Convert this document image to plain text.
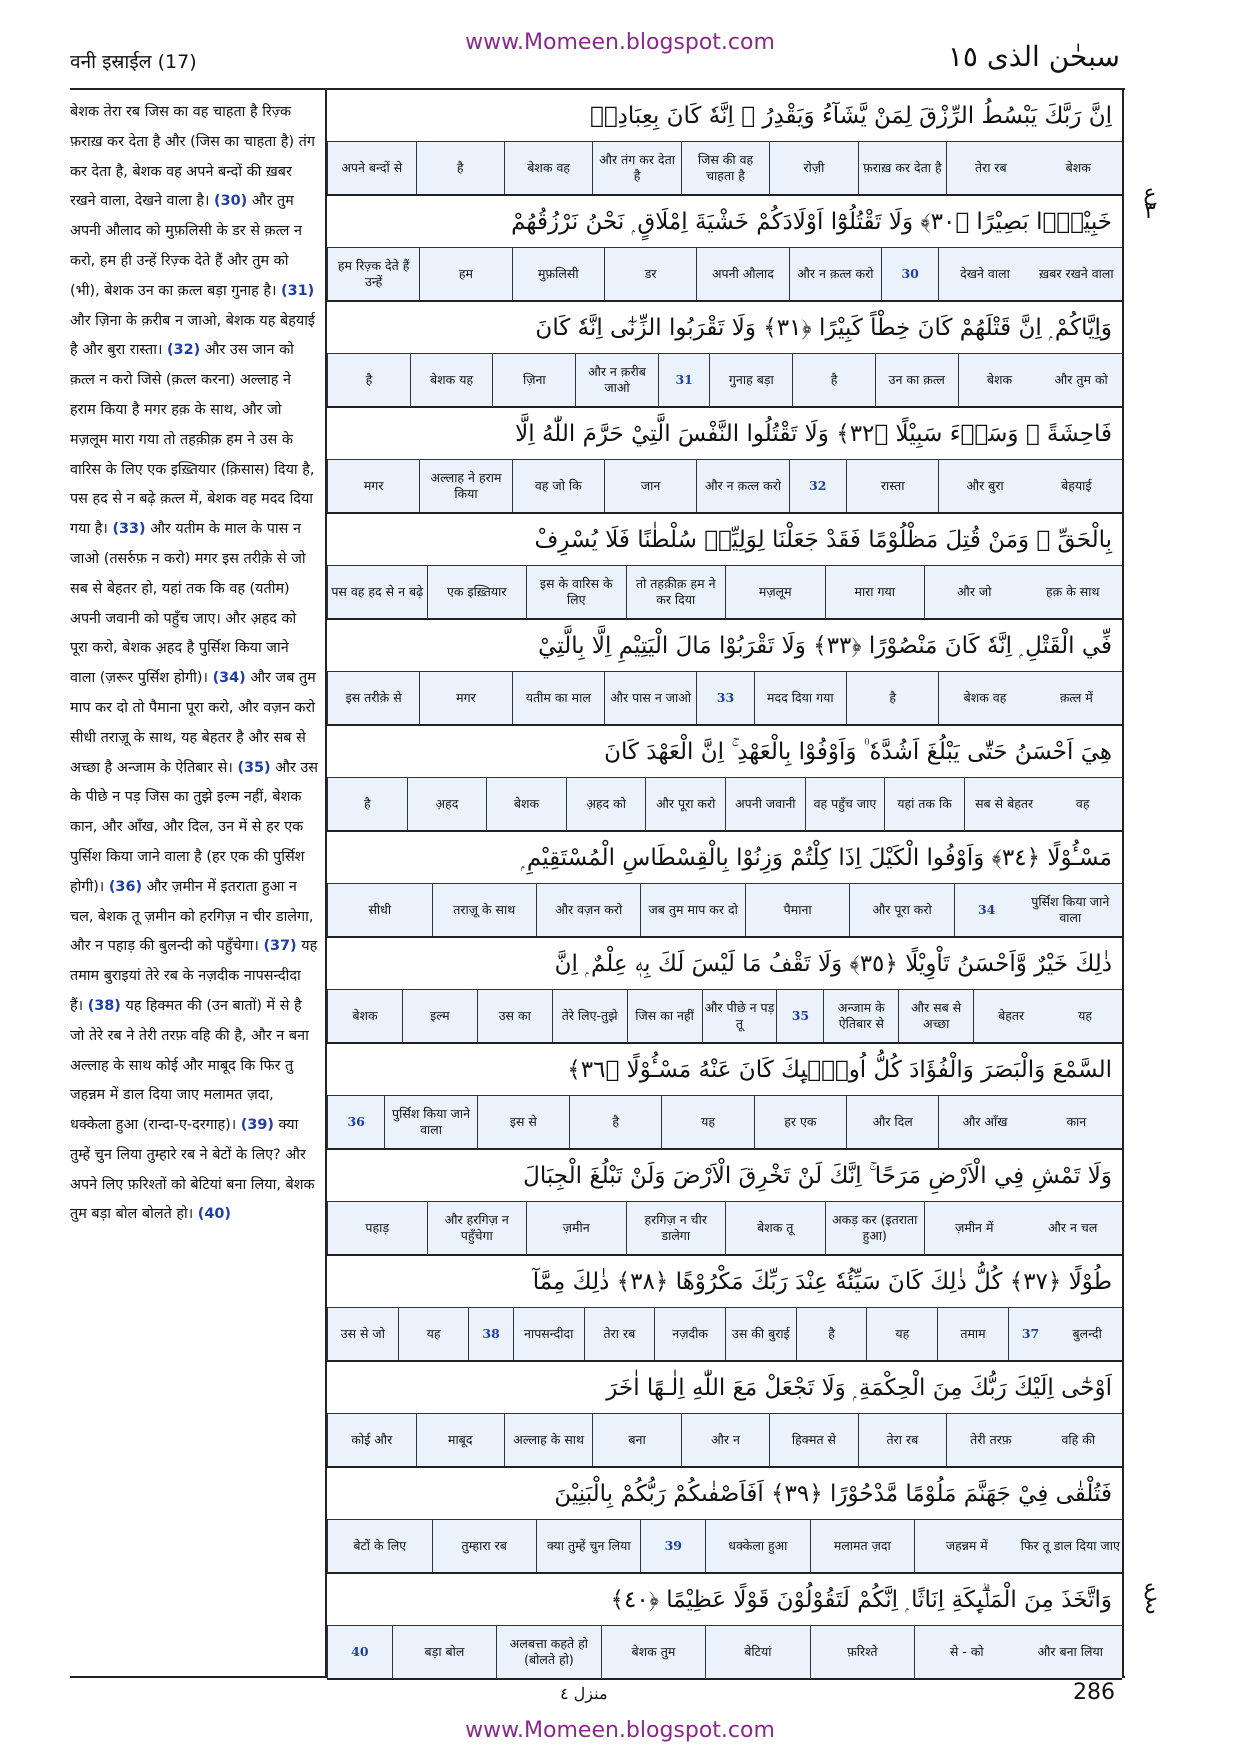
www.Momeen.blogspot.com
वनी इस्राईल (17)	سبحٰن الذی ١٥
बेशक तेरा रब जिस का वह चाहता है रिज़्क फ़राख़ कर देता है और (जिस का चाहता है) तंग कर देता है, बेशक वह अपने बन्दों की ख़बर रखने वाला, देखने वाला है। (30) और तुम अपनी औलाद को मुफ़लिसी के डर से क़त्ल न करो, हम ही उन्हें रिज़्क देते हैं और तुम को (भी), बेशक उन का क़त्ल बड़ा गुनाह है। (31) और ज़िना के क़रीब न जाओ, बेशक यह बेहयाई है और बुरा रास्ता। (32) और उस जान को क़त्ल न करो जिसे (क़त्ल करना) अल्लाह ने हराम किया है मगर हक़ के साथ, और जो मज़लूम मारा गया तो तहक़ीक़ हम ने उस के वारिस के लिए एक इख़्तियार (क़िसास) दिया है, पस हद से न बढ़े क़त्ल में, बेशक वह मदद दिया गया है। (33) और यतीम के माल के पास न जाओ (तसर्रुफ़ न करो) मगर इस तरीक़े से जो सब से बेहतर हो, यहां तक कि वह (यतीम) अपनी जवानी को पहुँच जाए। और अ़हद को पूरा करो, बेशक अ़हद है पुर्सिश किया जाने वाला (ज़रूर पुर्सिश होगी)। (34) और जब तुम माप कर दो तो पैमाना पूरा करो, और वज़न करो सीधी तराज़ू के साथ, यह बेहतर है और सब से अच्छा है अन्जाम के ऐतिबार से। (35) और उस के पीछे न पड़ जिस का तुझे इल्म नहीं, बेशक कान, और आँख, और दिल, उन में से हर एक पुर्सिश किया जाने वाला है (हर एक की पुर्सिश होगी)। (36) और ज़मीन में इतराता हुआ न चल, बेशक तू ज़मीन को हरगिज़ न चीर डालेगा, और न पहाड़ की बुलन्दी को पहुँचेगा। (37) यह तमाम बुराइयां तेरे रब के नज़दीक नापसन्दीदा हैं। (38) यह हिक्मत की (उन बातों) में से है जो तेरे रब ने तेरी तरफ़ वहि की है, और न बना अल्लाह के साथ कोई और माबूद कि फिर तु जहन्नम में डाल दिया जाए मलामत ज़दा, धक्केला हुआ (रान्दा-ए-दरगाह)। (39) क्या तुम्हें चुन लिया तुम्हारे रब ने बेटों के लिए? और अपने लिए फ़रिश्तों को बेटियां बना लिया, बेशक तुम बड़ा बोल बोलते हो। (40)
اِنَّ رَبَّكَ يَبْسُطُ الرِّزْقَ لِمَنْ يَّشَآءُ وَيَقْدِرُ ۭ اِنَّهٗ كَانَ بِعِبَادِهٖ
बेशक
तेरा रब
फ़राख़ कर देता है
रोज़ी
जिस की वह चाहता है
और तंग कर देता है
बेशक वह
है
अपने बन्दों से
خَبِيْرًۢا بَصِيْرًا ﴿٣٠﴾ وَلَا تَقْتُلُوْٓا اَوْلَادَكُمْ خَشْيَةَ اِمْلَاقٍ ۭ نَحْنُ نَرْزُقُهُمْ
ख़बर रखने वाला
देखने वाला
30
और न क़त्ल करो
अपनी औलाद
डर
मुफ़लिसी
हम
हम रिज़्क देते हैं उन्हें
وَاِيَّاكُمْ ۭ اِنَّ قَتْلَهُمْ كَانَ خِطْاً كَبِيْرًا ﴿٣١﴾ وَلَا تَقْرَبُوا الزِّنٰٓى اِنَّهٗ كَانَ
और तुम को
बेशक
उन का क़त्ल
है
गुनाह बड़ा
31
और न क़रीब जाओ
ज़िना
बेशक यह
है
فَاحِشَةً ۭ وَسَاۗءَ سَبِيْلًا ﴿٣٢﴾ وَلَا تَقْتُلُوا النَّفْسَ الَّتِيْ حَرَّمَ اللّٰهُ اِلَّا
बेहयाई
और बुरा
रास्ता
32
और न क़त्ल करो
जान
वह जो कि
अल्लाह ने हराम किया
मगर
بِالْحَقِّ ۭ وَمَنْ قُتِلَ مَظْلُوْمًا فَقَدْ جَعَلْنَا لِوَلِيِّهٖ سُلْطٰنًا فَلَا يُسْرِفْ
हक़ के साथ
और जो
मारा गया
मज़लूम
तो तहक़ीक़ हम ने कर दिया
इस के वारिस के लिए
एक इख़्तियार
पस वह हद से न बढ़े
فِّي الْقَتْلِ ۭ اِنَّهٗ كَانَ مَنْصُوْرًا ﴿٣٣﴾ وَلَا تَقْرَبُوْا مَالَ الْيَتِيْمِ اِلَّا بِالَّتِيْ
क़त्ल में
बेशक वह
है
मदद दिया गया
33
और पास न जाओ
यतीम का माल
मगर
इस तरीक़े से
هِيَ اَحْسَنُ حَتّٰى يَبْلُغَ اَشُدَّهٗ ۠ وَاَوْفُوْا بِالْعَهْدِ ۚ اِنَّ الْعَهْدَ كَانَ
वह
सब से बेहतर
यहां तक कि
वह पहुँच जाए
अपनी जवानी
और पूरा करो
अ़हद को
बेशक
अ़हद
है
مَسْـُٔوْلًا ﴿٣٤﴾ وَاَوْفُوا الْكَيْلَ اِذَا كِلْتُمْ وَزِنُوْا بِالْقِسْطَاسِ الْمُسْتَقِيْمِ ۭ
पुर्सिश किया जाने वाला
34
और पूरा करो
पैमाना
जब तुम माप कर दो
और वज़न करो
तराज़ू के साथ
सीधी
ذٰلِكَ خَيْرٌ وَّاَحْسَنُ تَاْوِيْلًا ﴿٣٥﴾ وَلَا تَقْفُ مَا لَيْسَ لَكَ بِهٖ عِلْمٌ ۭ اِنَّ
यह
बेहतर
और सब से अच्छा
अन्जाम के ऐतिबार से
35
और पीछे न पड़ तू
जिस का नहीं
तेरे लिए-तुझे
उस का
इल्म
बेशक
السَّمْعَ وَالْبَصَرَ وَالْفُؤَادَ كُلُّ اُولٰۗىِٕكَ كَانَ عَنْهُ مَسْـُٔوْلًا ﴿٣٦﴾
कान
और आँख
और दिल
हर एक
यह
है
इस से
पुर्सिश किया जाने वाला
36
وَلَا تَمْشِ فِي الْاَرْضِ مَرَحًا ۚ اِنَّكَ لَنْ تَخْرِقَ الْاَرْضَ وَلَنْ تَبْلُغَ الْجِبَالَ
और न चल
ज़मीन में
अकड़ कर (इतराता हुआ)
बेशक तू
हरगिज़ न चीर डालेगा
ज़मीन
और हरगिज़ न पहुँचेगा
पहाड़
طُوْلًا ﴿٣٧﴾ كُلُّ ذٰلِكَ كَانَ سَيِّئُهٗ عِنْدَ رَبِّكَ مَكْرُوْهًا ﴿٣٨﴾ ذٰلِكَ مِمَّآ
बुलन्दी
37
तमाम
यह
है
उस की बुराई
नज़दीक
तेरा रब
नापसन्दीदा
38
यह
उस से जो
اَوْحٰٓى اِلَيْكَ رَبُّكَ مِنَ الْحِكْمَةِ ۭ وَلَا تَجْعَلْ مَعَ اللّٰهِ اِلٰـهًا اٰخَرَ
वहि की
तेरी तरफ़
तेरा रब
हिक्मत से
और न
बना
अल्लाह के साथ
माबूद
कोई और
فَتُلْقٰى فِيْ جَهَنَّمَ مَلُوْمًا مَّدْحُوْرًا ﴿٣٩﴾ اَفَاَصْفٰىكُمْ رَبُّكُمْ بِالْبَنِيْنَ
फिर तू डाल दिया जाए
जहन्नम में
मलामत ज़दा
धक्केला हुआ
39
क्या तुम्हें चुन लिया
तुम्हारा रब
बेटों के लिए
وَاتَّخَذَ مِنَ الْمَلٰۗىِٕكَةِ اِنَاثًا ۭ اِنَّكُمْ لَتَقُوْلُوْنَ قَوْلًا عَظِيْمًا ﴿٤٠﴾
और बना लिया
से - को
फ़रिश्ते
बेटियां
बेशक तुम
अलबत्ता कहते हो (बोलते हो)
बड़ा बोल
40
ع ٣
ع ٤
منزل ٤	286
www.Momeen.blogspot.com
